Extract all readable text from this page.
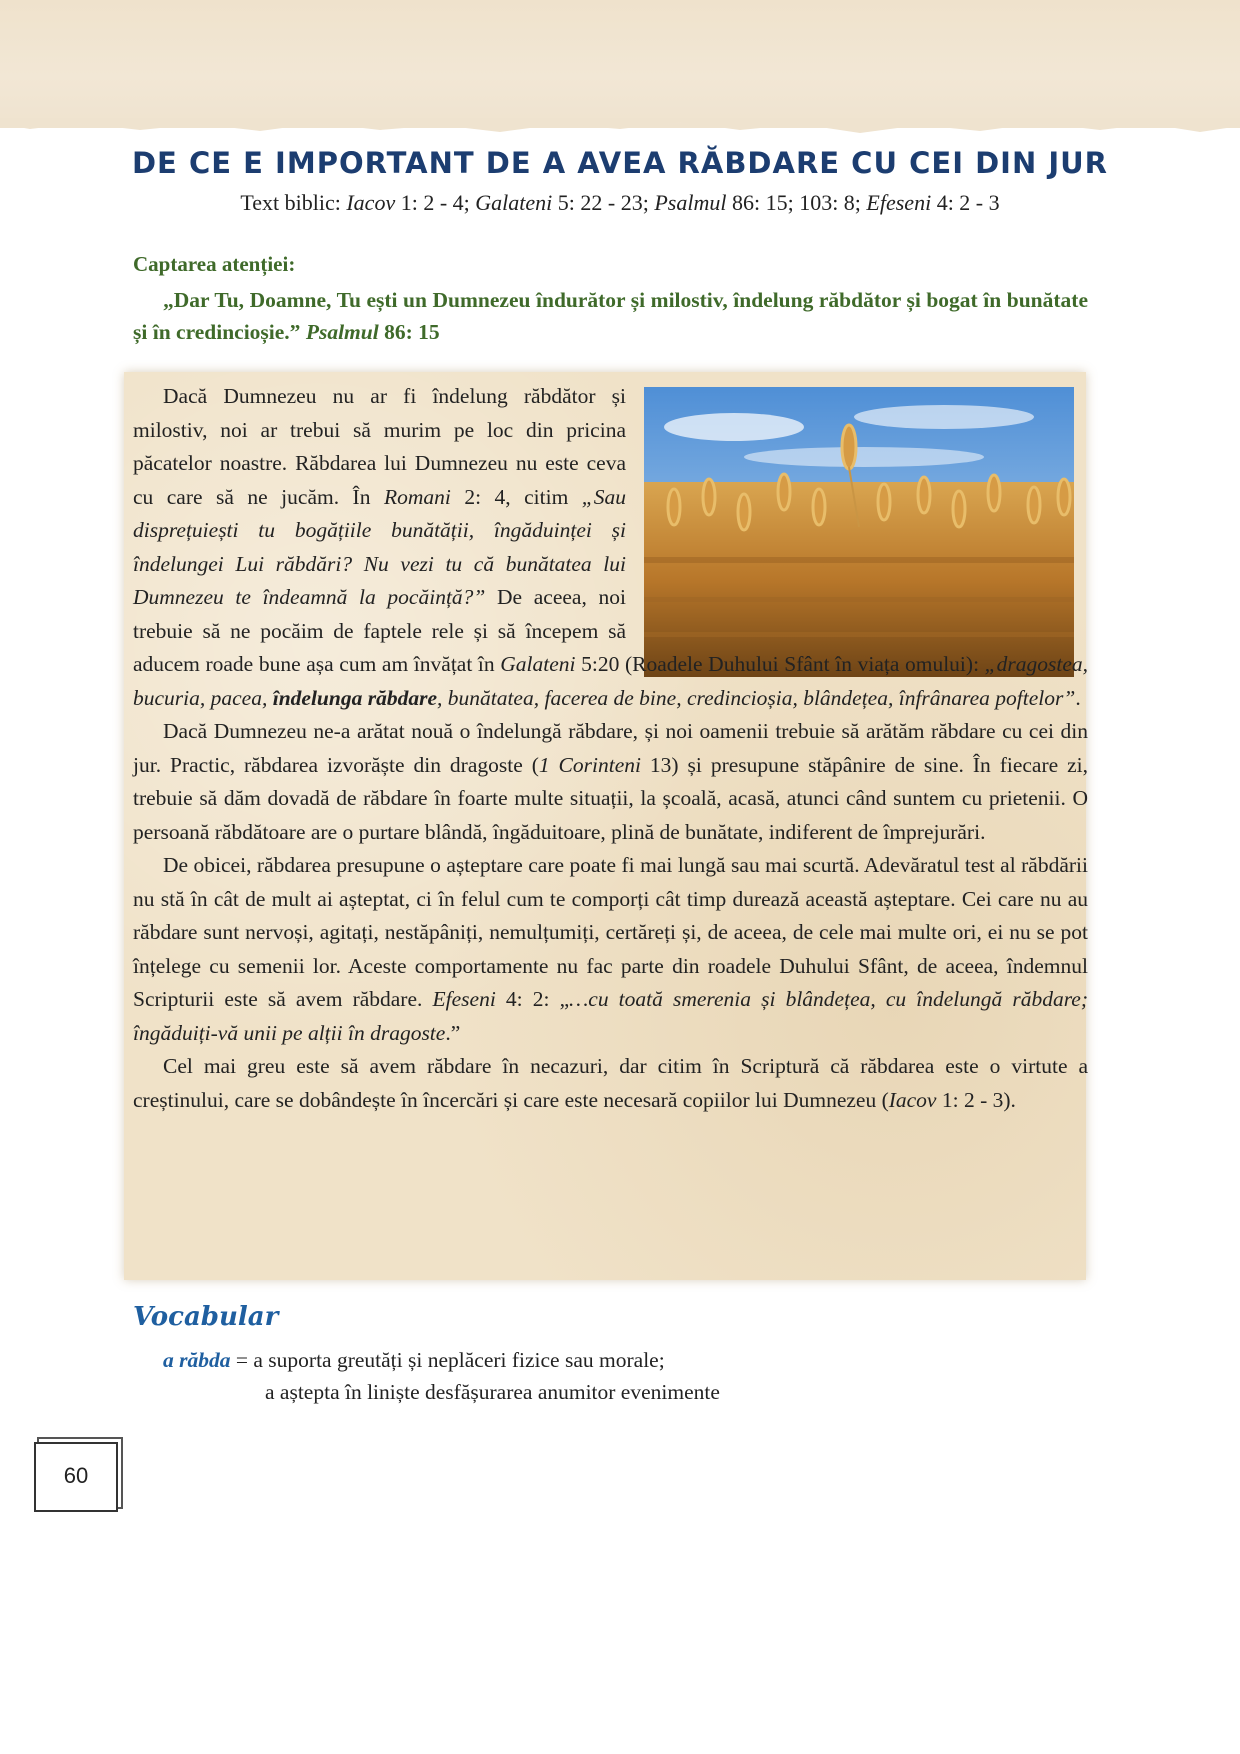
DE CE E IMPORTANT DE A AVEA RĂBDARE CU CEI DIN JUR
Text biblic: Iacov 1: 2 - 4; Galateni 5: 22 - 23; Psalmul 86: 15; 103: 8; Efeseni 4: 2 - 3
Captarea atenției:
„Dar Tu, Doamne, Tu ești un Dumnezeu îndurător și milostiv, îndelung răbdător și bogat în bunătate și în credincioșie.” Psalmul 86: 15

Dacă Dumnezeu nu ar fi îndelung răbdător și milostiv, noi ar trebui să murim pe loc din pricina păcatelor noastre. Răbdarea lui Dumnezeu nu este ceva cu care să ne jucăm. În Romani 2: 4, citim „Sau disprețuiești tu bogățiile bunătății, îngăduinței și îndelungei Lui răbdări? Nu vezi tu că bunătatea lui Dumnezeu te îndeamnă la pocăință?” De aceea, noi trebuie să ne pocăim de faptele rele și să începem să aducem roade bune așa cum am învățat în Galateni 5:20 (Roadele Duhului Sfânt în viața omului): „dragostea, bucuria, pacea, îndelunga răbdare, bunătatea, facerea de bine, credincioșia, blândețea, înfrânarea poftelor”.

Dacă Dumnezeu ne-a arătat nouă o îndelungă răbdare, și noi oamenii trebuie să arătăm răbdare cu cei din jur. Practic, răbdarea izvorăște din dragoste (1 Corinteni 13) și presupune stăpânire de sine. În fiecare zi, trebuie să dăm dovadă de răbdare în foarte multe situații, la școală, acasă, atunci când suntem cu prietenii. O persoană răbdătoare are o purtare blândă, îngăduitoare, plină de bunătate, indiferent de împrejurări.

De obicei, răbdarea presupune o așteptare care poate fi mai lungă sau mai scurtă. Adevăratul test al răbdării nu stă în cât de mult ai așteptat, ci în felul cum te comporți cât timp durează această așteptare. Cei care nu au răbdare sunt nervoși, agitați, nestăpâniți, nemulțumiți, certăreți și, de aceea, de cele mai multe ori, ei nu se pot înțelege cu semenii lor. Aceste comportamente nu fac parte din roadele Duhului Sfânt, de aceea, îndemnul Scripturii este să avem răbdare. Efeseni 4: 2: „…cu toată smerenia și blândețea, cu îndelungă răbdare; îngăduiți-vă unii pe alții în dragoste.”

Cel mai greu este să avem răbdare în necazuri, dar citim în Scriptură că răbdarea este o virtute a creștinului, care se dobândește în încercări și care este necesară copiilor lui Dumnezeu (Iacov 1: 2 - 3).

Vocabular
a răbda = a suporta greutăți și neplăceri fizice sau morale;
a aștepta în liniște desfășurarea anumitor evenimente
60
